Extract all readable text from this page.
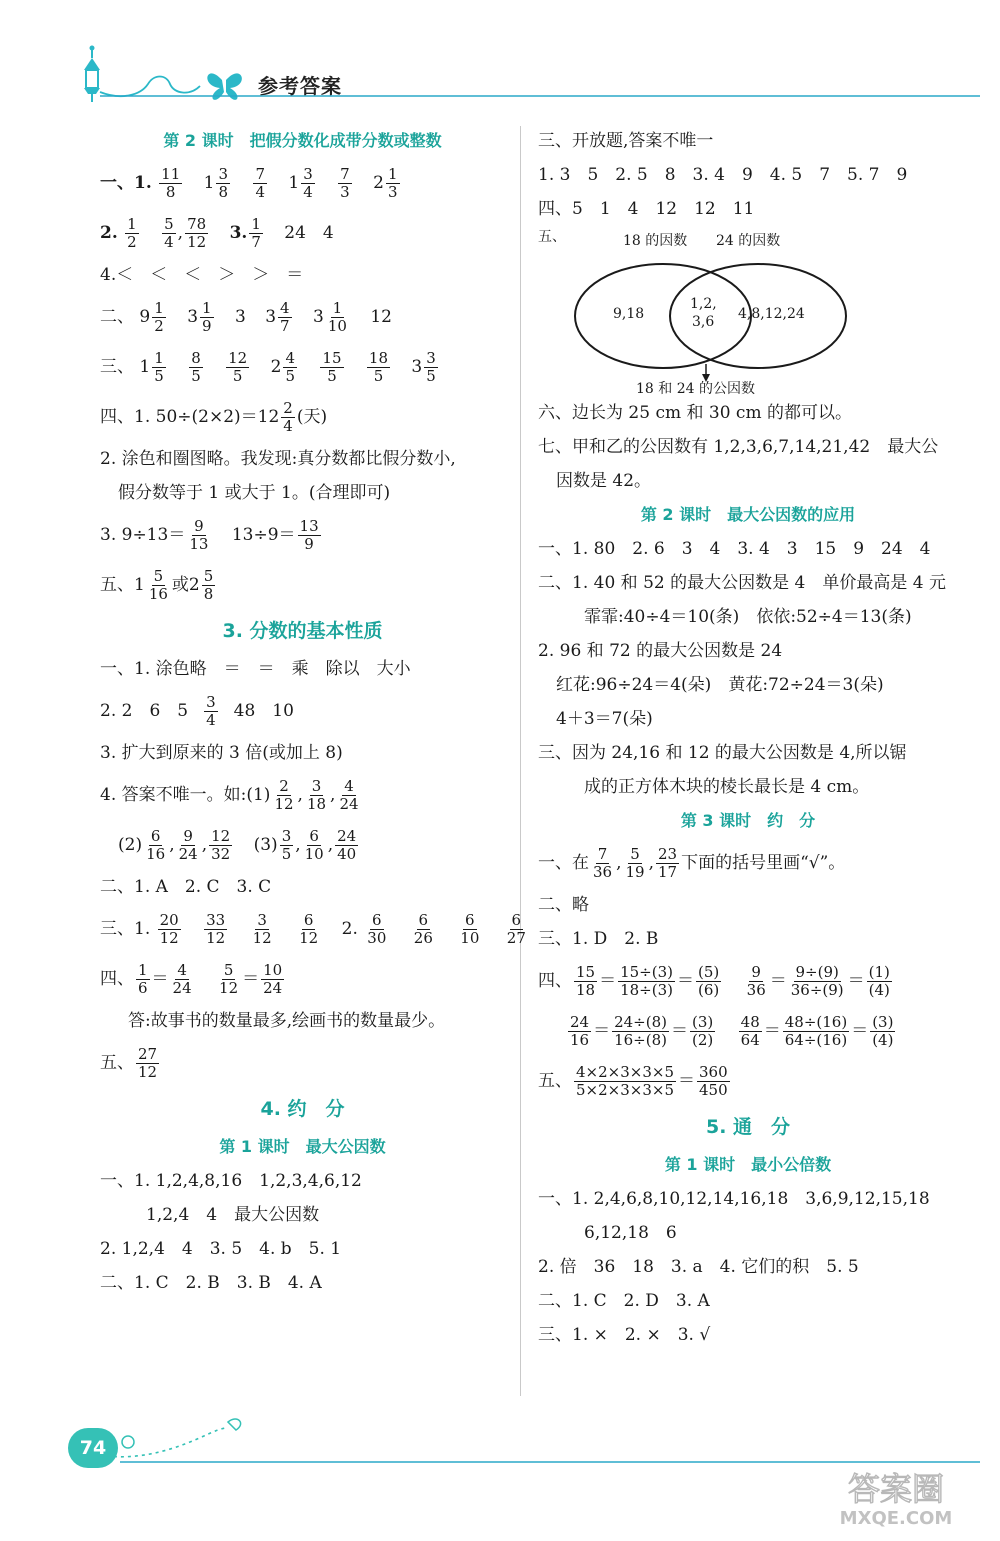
参考答案
第 2 课时　把假分数化成带分数或整数
一、1. $\frac{11}{8} 1 \frac{3}{8}$
$\frac{7}{4} 1 \frac{3}{4}$
$\frac{7}{3} 2 \frac{1}{3}$
2. $\frac{1}{2}$
$\frac{5}{4}$ , $\frac{78}{12} 3$. $\frac{1}{7} 24$　4
4.＜　＜　＜　＞　＞　＝
二、 $9 \frac{1}{2} 3 \frac{1}{9} 3$ $3 \frac{4}{7} 3 \frac{1}{10} 12$
三、 $1 \frac{1}{5}$
$\frac{8}{5}$
$\frac{12}{5} 2 \frac{4}{5}$
$\frac{15}{5}$
$\frac{18}{5} 3 \frac{3}{5}$
四、1. $50\div(2\times 2)=12 \frac{2}{4}$ (天)
2. 涂色和圈图略。我发现:真分数都比假分数小,
假分数等于 1 或大于 1。(合理即可)
3. $9\div 13= \frac{9}{13} 13\div 9= \frac{13}{9}$
五、$1 \frac{5}{16}$ 或$2 \frac{5}{8}$
3. 分数的基本性质
一、1. 涂色略　＝　＝　乘　除以　大小
2. 2　6　$5 \frac{3}{4} 48$　10
3. 扩大到原来的 3 倍(或加上 8)
4. 答案不唯一。如:(1) $\frac{2}{12}$ , $\frac{3}{18}$ , $\frac{4}{24}$
$(2) \frac{6}{16}$ , $\frac{9}{24}$ , $\frac{12}{32} (3) \frac{3}{5}$ , $\frac{6}{10}$ , $\frac{24}{40}$
二、1. A　2. C　3. C
三、1. $\frac{20}{12}$
$\frac{33}{12}$
$\frac{3}{12}$
$\frac{6}{12} 2$. $\frac{6}{30}$
$\frac{6}{26}$
$\frac{6}{10}$
$\frac{6}{27}$
四、 $\frac{1}{6} = \frac{4}{24}$
$\frac{5}{12} = \frac{10}{24}$
答:故事书的数量最多,绘画书的数量最少。
五、 $\frac{27}{12}$
4. 约　分
第 1 课时　最大公因数
一、1. 1,2,4,8,16　1,2,3,4,6,12
1,2,4　4　最大公因数
2. 1,2,4　4　3. 5　4. b　5. 1
二、1. C　2. B　3. B　4. A
三、开放题,答案不唯一
1. 3　5　2. 5　8　3. 4　9　4. 5　7　5. 7　9
四、5　1　4　12　12　11
五、	18 的因数 24 的因数
9,18
1,2,
3,6 4,8,12,24
18 和 24 的公因数
六、边长为 25 cm 和 30 cm 的都可以。
七、甲和乙的公因数有 1,2,3,6,7,14,21,42　最大公
因数是 42。
第 2 课时　最大公因数的应用
一、1. 80　2. 6　3　4　3. 4　3　15　9　24　4
二、1. 40 和 52 的最大公因数是 4　单价最高是 4 元
霏霏:40÷4＝10(条)　依依:52÷4＝13(条)
2. 96 和 72 的最大公因数是 24
红花:96÷24＝4(朵)　黄花:72÷24＝3(朵)
4＋3＝7(朵)
三、因为 24,16 和 12 的最大公因数是 4,所以锯
成的正方体木块的棱长最长是 4 cm。
第 3 课时　约　分
一、在 $\frac{7}{36}$ , $\frac{5}{19}$ , $\frac{23}{17}$ 下面的括号里画“√”。
二、略
三、1. D　2. B
四、 $\frac{15}{18} = \frac{15\div(3)}{18\div(3)} = \frac{(5)}{(6)}$
$\frac{9}{36} = \frac{9\div(9)}{36\div(9)} = \frac{(1)}{(4)}$
$\frac{24}{16} = \frac{24\div(8)}{16\div(8)} = \frac{(3)}{(2)}$
$\frac{48}{64} = \frac{48\div(16)}{64\div(16)} = \frac{(3)}{(4)}$
五、 $\frac{4\times 2\times 3\times 3\times 5}{5\times 2\times 3\times 3\times 5} = \frac{360}{450}$
5. 通　分
第 1 课时　最小公倍数
一、1. 2,4,6,8,10,12,14,16,18　3,6,9,12,15,18
6,12,18　6
2. 倍　36　18　3. a　4. 它们的积　5. 5
二、1. C　2. D　3. A
三、1. ×　2. ×　3. √
74
答案圈
MXQE.COM
